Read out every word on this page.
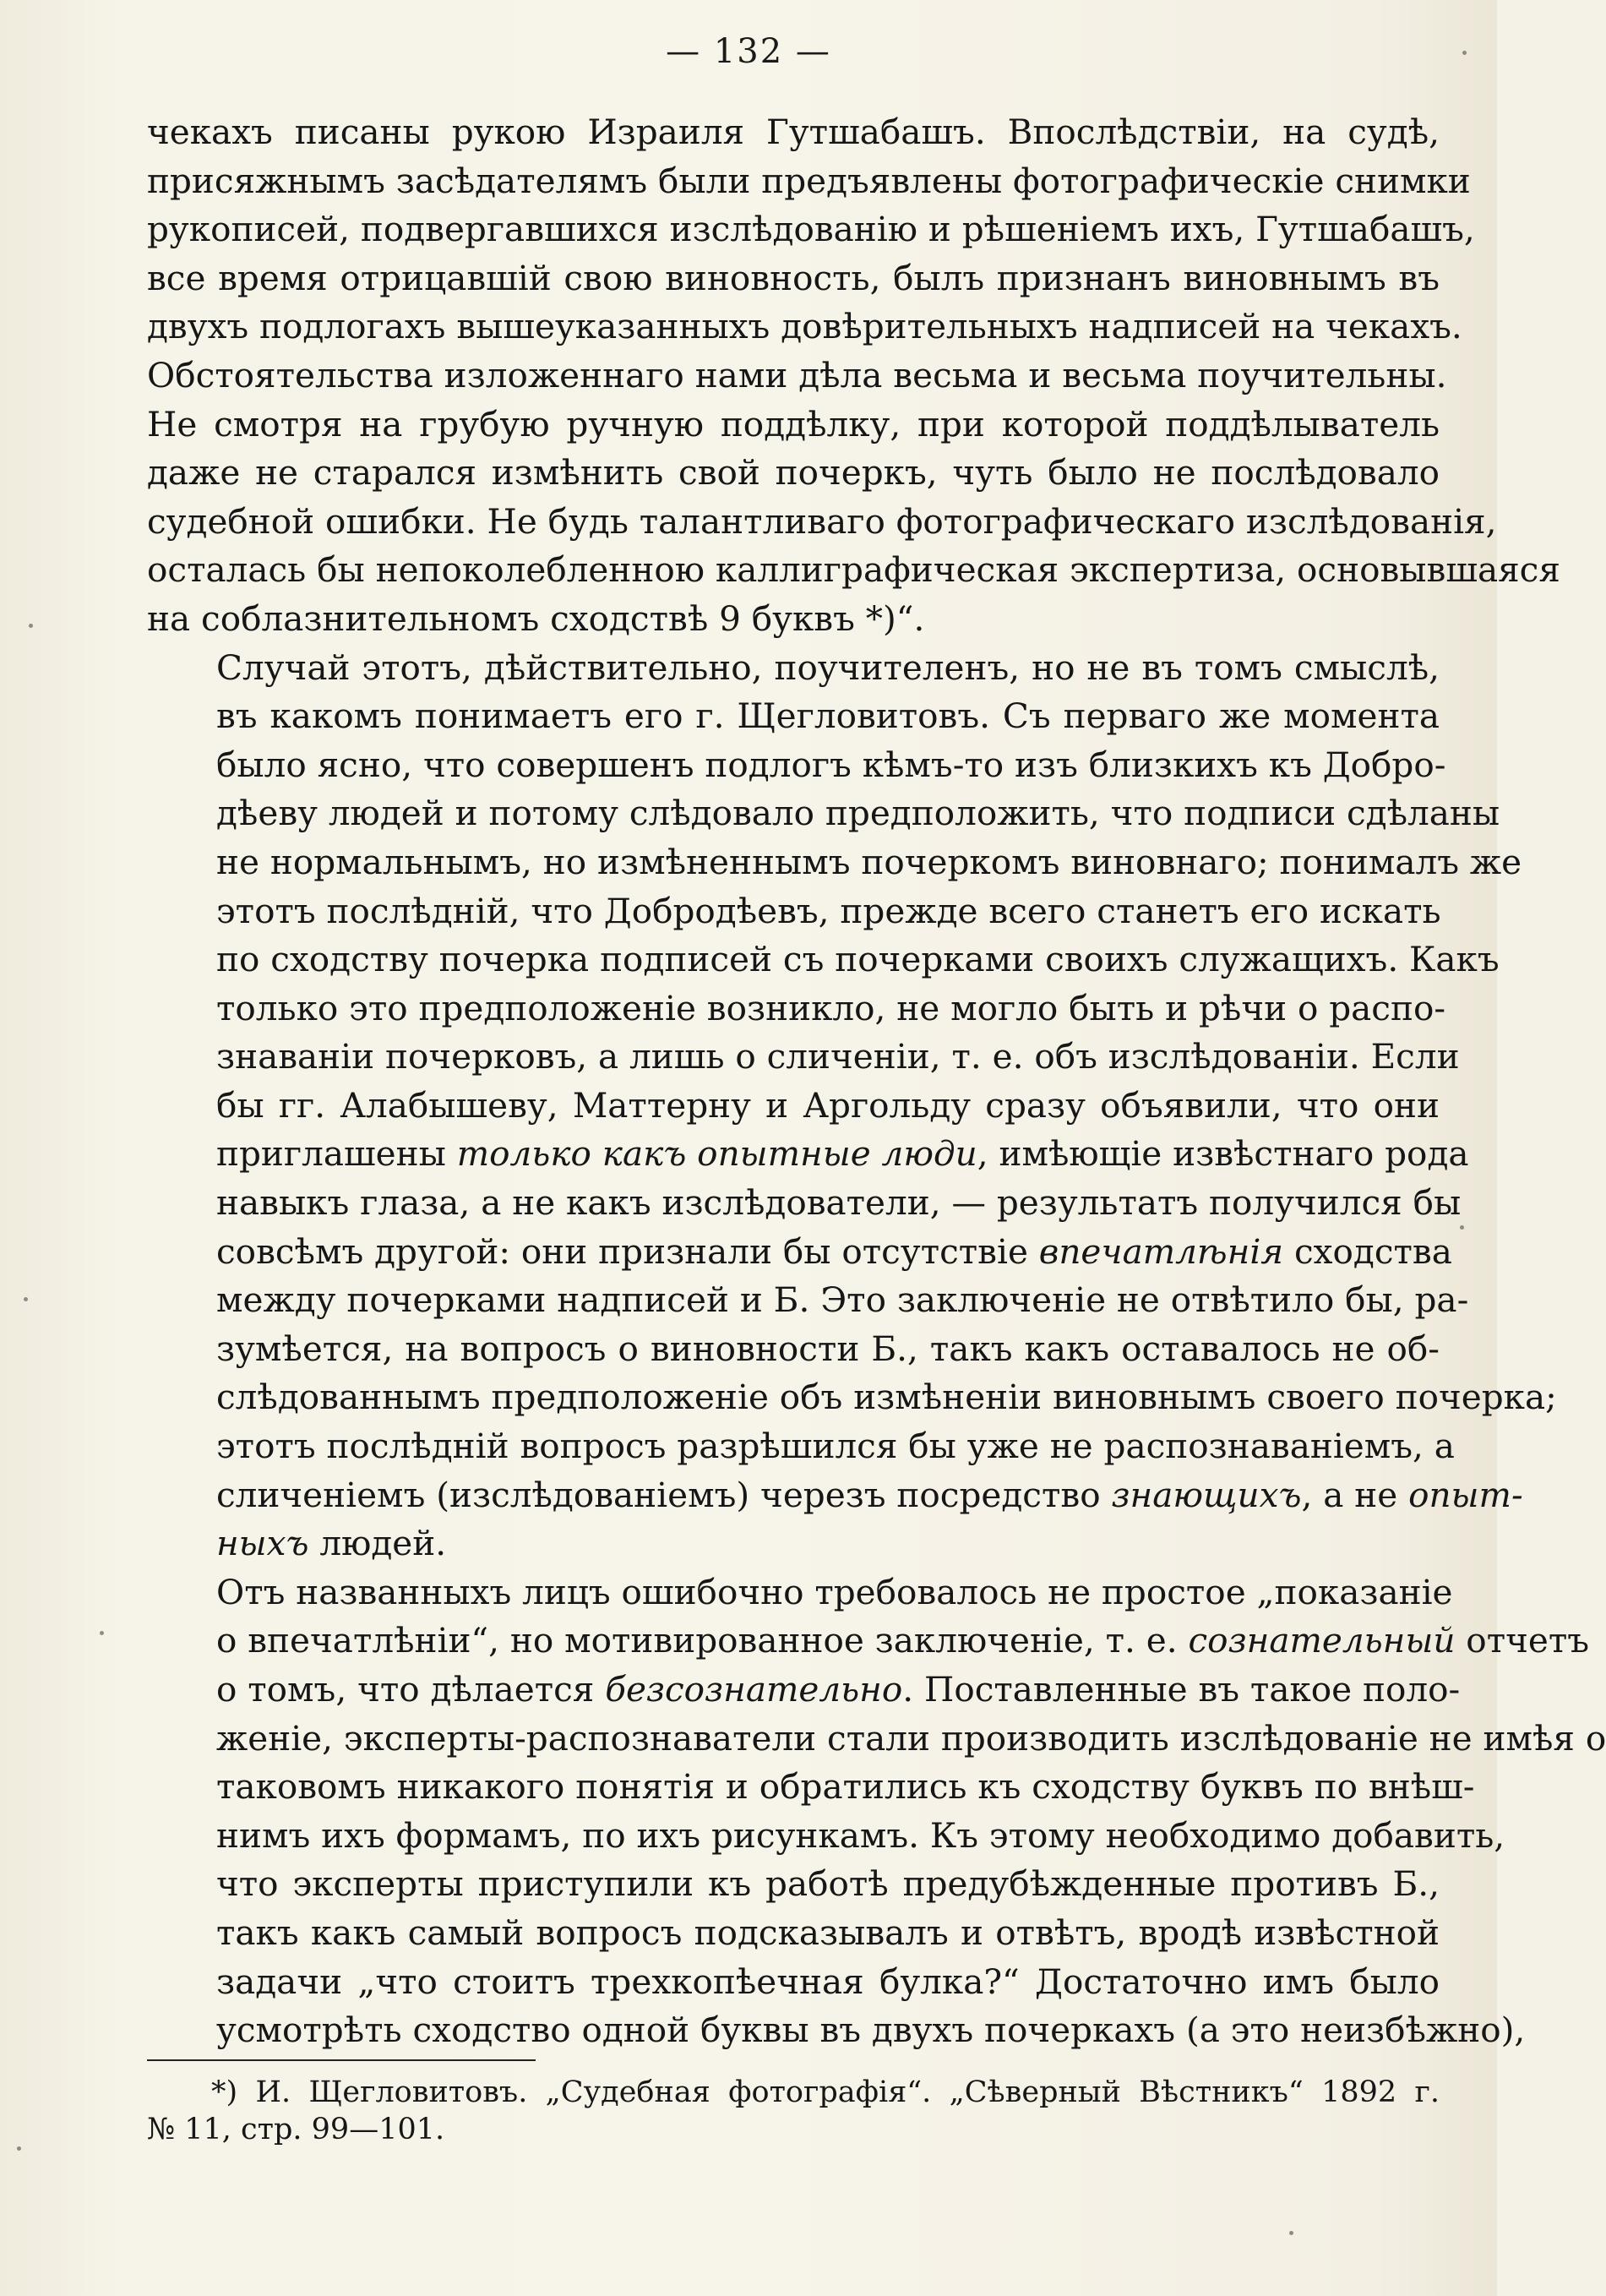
— 132 —
чекахъ писаны рукою Израиля Гутшабашъ. Впослѣдствіи, на судѣ,
присяжнымъ засѣдателямъ были предъявлены фотографическіе снимки
рукописей, подвергавшихся изслѣдованію и рѣшеніемъ ихъ, Гутшабашъ,
все время отрицавшій свою виновность, былъ признанъ виновнымъ въ
двухъ подлогахъ вышеуказанныхъ довѣрительныхъ надписей на чекахъ.
Обстоятельства изложеннаго нами дѣла весьма и весьма поучительны.
Не смотря на грубую ручную поддѣлку, при которой поддѣлыватель
даже не старался измѣнить свой почеркъ, чуть было не послѣдовало
судебной ошибки. Не будь талантливаго фотографическаго изслѣдованія,
осталась бы непоколебленною каллиграфическая экспертиза, основывшаяся
на соблазнительномъ сходствѣ 9 буквъ *)“.
Случай этотъ, дѣйствительно, поучителенъ, но не въ томъ смыслѣ,
въ какомъ понимаетъ его г. Щегловитовъ. Съ перваго же момента
было ясно, что совершенъ подлогъ кѣмъ-то изъ близкихъ къ Добро-
дѣеву людей и потому слѣдовало предположить, что подписи сдѣланы
не нормальнымъ, но измѣненнымъ почеркомъ виновнаго; понималъ же
этотъ послѣдній, что Добродѣевъ, прежде всего станетъ его искать
по сходству почерка подписей съ почерками своихъ служащихъ. Какъ
только это предположеніе возникло, не могло быть и рѣчи о распо-
знаваніи почерковъ, а лишь о сличеніи, т. е. объ изслѣдованіи. Если
бы гг. Алабышеву, Маттерну и Аргольду сразу объявили, что они
приглашены только какъ опытные люди, имѣющіе извѣстнаго рода
навыкъ глаза, а не какъ изслѣдователи, — результатъ получился бы
совсѣмъ другой: они признали бы отсутствіе впечатлѣнія сходства
между почерками надписей и Б. Это заключеніе не отвѣтило бы, ра-
зумѣется, на вопросъ о виновности Б., такъ какъ оставалось не об-
слѣдованнымъ предположеніе объ измѣненіи виновнымъ своего почерка;
этотъ послѣдній вопросъ разрѣшился бы уже не распознаваніемъ, а
сличеніемъ (изслѣдованіемъ) черезъ посредство знающихъ, а не опыт-
ныхъ людей.
Отъ названныхъ лицъ ошибочно требовалось не простое „показаніе
о впечатлѣніи“, но мотивированное заключеніе, т. е. сознательный отчетъ
о томъ, что дѣлается безсознательно. Поставленные въ такое поло-
женіе, эксперты-распознаватели стали производить изслѣдованіе не имѣя о
таковомъ никакого понятія и обратились къ сходству буквъ по внѣш-
нимъ ихъ формамъ, по ихъ рисункамъ. Къ этому необходимо добавить,
что эксперты приступили къ работѣ предубѣжденные противъ Б.,
такъ какъ самый вопросъ подсказывалъ и отвѣтъ, вродѣ извѣстной
задачи „что стоитъ трехкопѣечная булка?“ Достаточно имъ было
усмотрѣть сходство одной буквы въ двухъ почеркахъ (а это неизбѣжно),
*) И. Щегловитовъ. „Судебная фотографія“. „Сѣверный Вѣстникъ“ 1892 г.
№ 11, стр. 99—101.
